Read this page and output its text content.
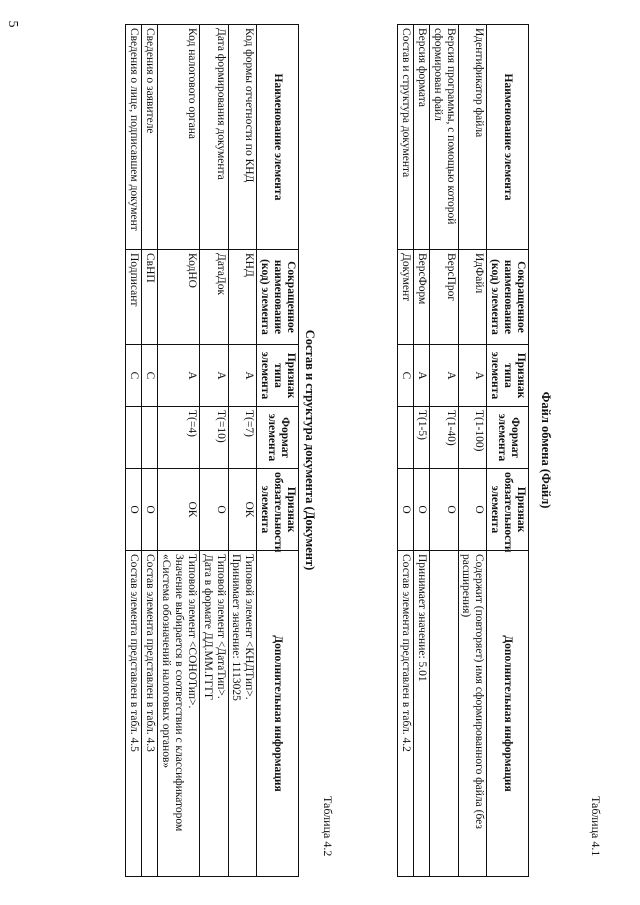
5
Таблица 4.1
Файл обмена (Файл)
Наименование элемента	Сокращенное наименование (код) элемента	Признак типа элемента	Формат элемента	Признак обязательности элемента	Дополнительная информация
Идентификатор файла	ИдФайл	А	T(1-100)	О	Содержит (повторяет) имя сформированного файла (без расширения)
Версия программы, с помощью которой сформирован файл	ВерсПрог	А	T(1-40)	О	
Версия формата	ВерсФорм	А	T(1-5)	О	Принимает значение: 5.01
Состав и структура документа	Документ	С		О	Состав элемента представлен в табл. 4.2
Таблица 4.2
Состав и структура документа (Документ)
Наименование элемента	Сокращенное наименование (код) элемента	Признак типа элемента	Формат элемента	Признак обязательности элемента	Дополнительная информация
Код формы отчетности по КНД	КНД	А	T(=7)	ОК	Типовой элемент <КНДТип>.
Принимает значение: 1113025
Дата формирования документа	ДатаДок	А	T(=10)	О	Типовой элемент <ДатаТип>.
Дата в формате ДД.ММ.ГГГГ
Код налогового органа	КодНО	А	T(=4)	ОК	Типовой элемент <СОНОТип>.
Значение выбирается в соответствии с классификатором «Система обозначений налоговых органов»
Сведения о заявителе	СвНП	С		О	Состав элемента представлен в табл. 4.3
Сведения о лице, подписавшем документ	Подписант	С		О	Состав элемента представлен в табл. 4.5
